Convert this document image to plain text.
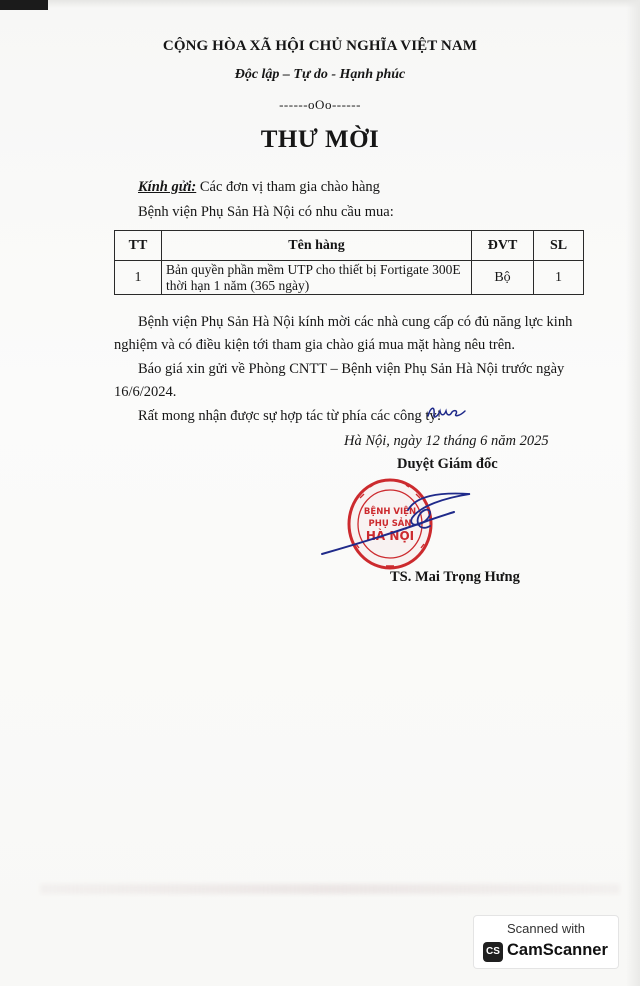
CỘNG HÒA XÃ HỘI CHỦ NGHĨA VIỆT NAM
Độc lập – Tự do - Hạnh phúc
------oOo------
THƯ MỜI
Kính gửi: Các đơn vị tham gia chào hàng
Bệnh viện Phụ Sản Hà Nội có nhu cầu mua:
TT	Tên hàng	ĐVT	SL
1	Bản quyền phần mềm UTP cho thiết bị Fortigate 300E
thời hạn 1 năm (365 ngày)	Bộ	1
Bệnh viện Phụ Sản Hà Nội kính mời các nhà cung cấp có đủ năng lực kinh
nghiệm và có điều kiện tới tham gia chào giá mua mặt hàng nêu trên.
Báo giá xin gửi về Phòng CNTT – Bệnh viện Phụ Sản Hà Nội trước ngày
16/6/2024.
Rất mong nhận được sự hợp tác từ phía các công ty!
Hà Nội, ngày 12 tháng 6 năm 2025
Duyệt Giám đốc
BỆNH VIỆN
PHỤ SẢN
HÀ NỘI
TS. Mai Trọng Hưng
Scanned with
CS CamScanner
